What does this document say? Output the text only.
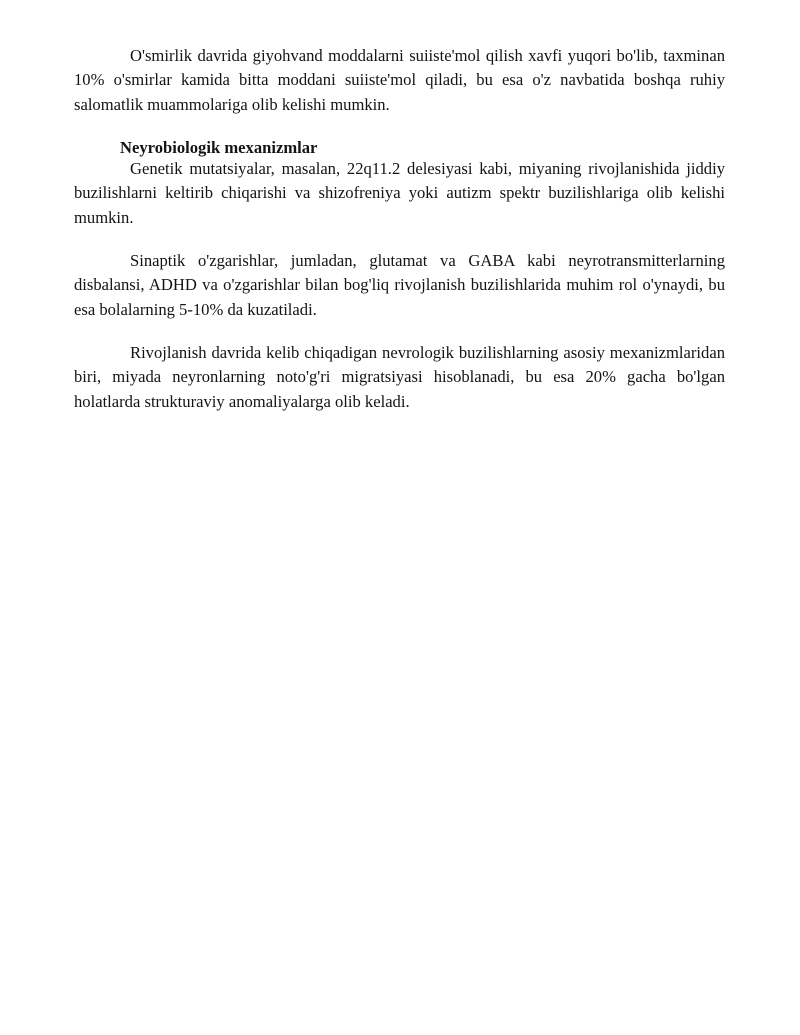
O'smirlik davrida giyohvand moddalarni suiiste'mol qilish xavfi yuqori bo'lib, taxminan 10% o'smirlar kamida bitta moddani suiiste'mol qiladi, bu esa o'z navbatida boshqa ruhiy salomatlik muammolariga olib kelishi mumkin.

Neyrobiologik mexanizmlar

Genetik mutatsiyalar, masalan, 22q11.2 delesiyasi kabi, miyaning rivojlanishida jiddiy buzilishlarni keltirib chiqarishi va shizofreniya yoki autizm spektr buzilishlariga olib kelishi mumkin.

Sinaptik o'zgarishlar, jumladan, glutamat va GABA kabi neyrotransmitterlarning disbalansi, ADHD va o'zgarishlar bilan bog'liq rivojlanish buzilishlarida muhim rol o'ynaydi, bu esa bolalarning 5-10% da kuzatiladi.

Rivojlanish davrida kelib chiqadigan nevrologik buzilishlarning asosiy mexanizmlaridan biri, miyada neyronlarning noto'g'ri migratsiyasi hisoblanadi, bu esa 20% gacha bo'lgan holatlarda strukturaviy anomaliyalarga olib keladi.
